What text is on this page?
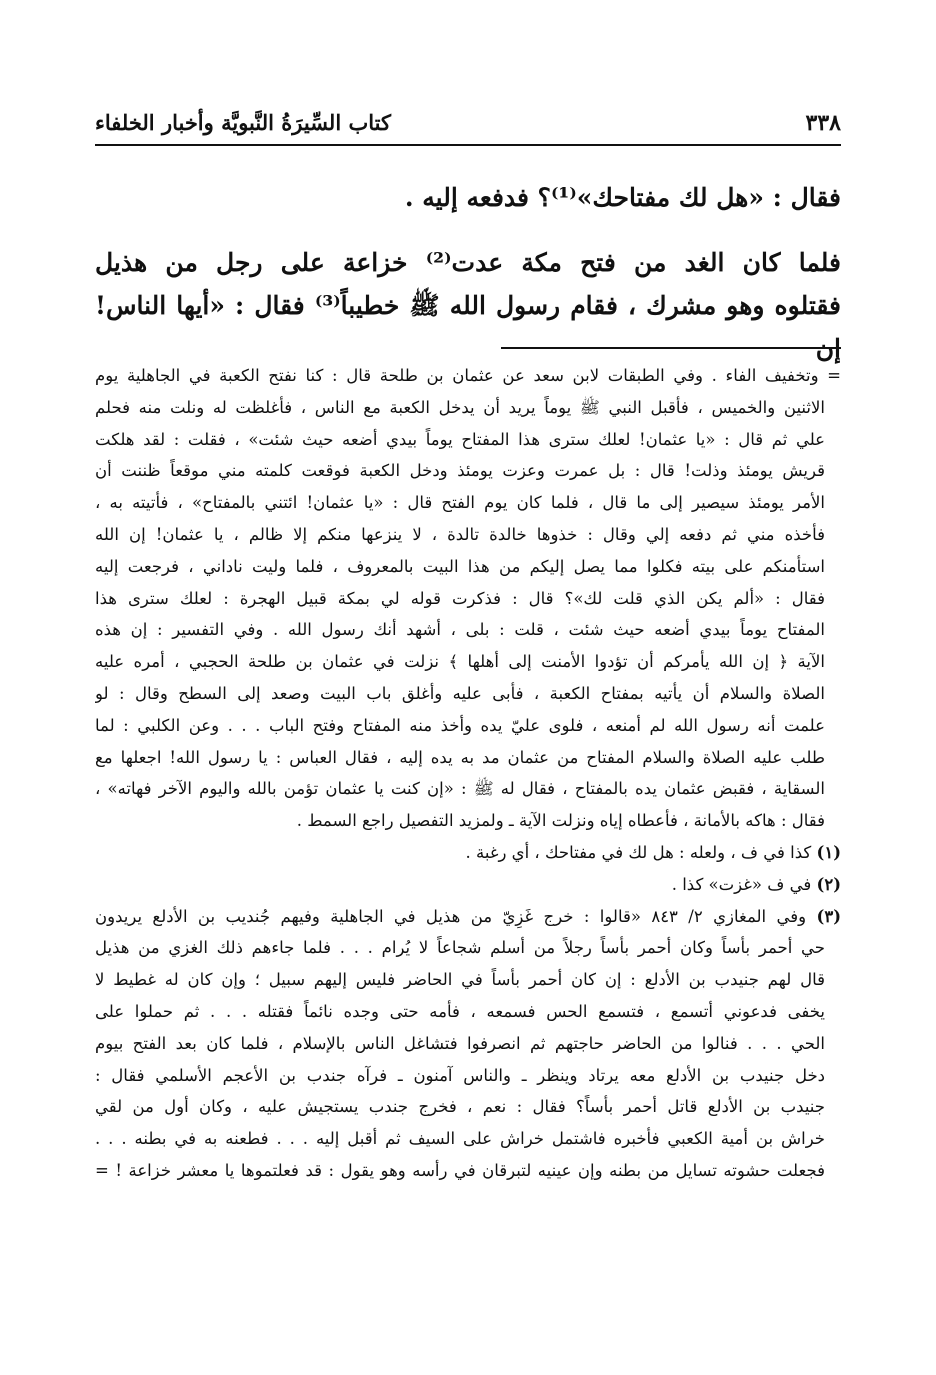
٣٣٨
كتاب السِّيرَةُ النَّبويَّة وأخبار الخلفاء
فقال : «هل لك مفتاحك»⁽¹⁾؟ فدفعه إليه .
فلما كان الغد من فتح مكة عدت⁽²⁾ خزاعة على رجل من هذيل
فقتلوه وهو مشرك ، فقام رسول الله ﷺ خطيباً⁽³⁾ فقال : «أيها الناس! إن
= وتخفيف الفاء . وفي الطبقات لابن سعد عن عثمان بن طلحة قال : كنا نفتح الكعبة في الجاهلية يوم
الاثنين والخميس ، فأقبل النبي ﷺ يوماً يريد أن يدخل الكعبة مع الناس ، فأغلظت له ونلت منه فحلم
علي ثم قال : «يا عثمان! لعلك سترى هذا المفتاح يوماً بيدي أضعه حيث شئت» ، فقلت : لقد هلكت
قريش يومئذ وذلت! قال : بل عمرت وعزت يومئذ ودخل الكعبة فوقعت كلمته مني موقعاً ظننت أن
الأمر يومئذ سيصير إلى ما قال ، فلما كان يوم الفتح قال : «يا عثمان! ائتني بالمفتاح» ، فأتيته به ،
فأخذه مني ثم دفعه إلي وقال : خذوها خالدة تالدة ، لا ينزعها منكم إلا ظالم ، يا عثمان! إن الله
استأمنكم على بيته فكلوا مما يصل إليكم من هذا البيت بالمعروف ، فلما وليت ناداني ، فرجعت إليه
فقال : «ألم يكن الذي قلت لك»؟ قال : فذكرت قوله لي بمكة قبيل الهجرة : لعلك سترى هذا
المفتاح يوماً بيدي أضعه حيث شئت ، قلت : بلى ، أشهد أنك رسول الله . وفي التفسير : إن هذه
الآية ﴿ إن الله يأمركم أن تؤدوا الأمنت إلى أهلها ﴾ نزلت في عثمان بن طلحة الحجبي ، أمره عليه
الصلاة والسلام أن يأتيه بمفتاح الكعبة ، فأبى عليه وأغلق باب البيت وصعد إلى السطح وقال : لو
علمت أنه رسول الله لم أمنعه ، فلوى عليّ يده وأخذ منه المفتاح وفتح الباب . . . وعن الكلبي : لما
طلب عليه الصلاة والسلام المفتاح من عثمان مد به يده إليه ، فقال العباس : يا رسول الله! اجعلها مع
السقاية ، فقبض عثمان يده بالمفتاح ، فقال له ﷺ : «إن كنت يا عثمان تؤمن بالله واليوم الآخر فهاته» ،
فقال : هاكه بالأمانة ، فأعطاه إياه ونزلت الآية ـ ولمزيد التفصيل راجع السمط .
(١) كذا في ف ، ولعله : هل لك في مفتاحك ، أي رغبة .
(٢) في ف «غزت» كذا .
(٣) وفي المغازي ٢/ ٨٤٣ «قالوا : خرج غَزِيّ من هذيل في الجاهلية وفيهم جُنديب بن الأدلع يريدون
حي أحمر بأساً وكان أحمر بأساً رجلاً من أسلم شجاعاً لا يُرام . . . فلما جاءهم ذلك الغزي من هذيل
قال لهم جنيدب بن الأدلع : إن كان أحمر بأساً في الحاضر فليس إليهم سبيل ؛ وإن كان له غطيط لا
يخفى فدعوني أتسمع ، فتسمع الحس فسمعه ، فأمه حتى وجده نائماً فقتله . . . ثم حملوا على
الحي . . . فنالوا من الحاضر حاجتهم ثم انصرفوا فتشاغل الناس بالإسلام ، فلما كان بعد الفتح بيوم
دخل جنيدب بن الأدلع معه يرتاد وينظر ـ والناس آمنون ـ فرآه جندب بن الأعجم الأسلمي فقال :
جنيدب بن الأدلع قاتل أحمر بأساً؟ فقال : نعم ، فخرج جندب يستجيش عليه ، وكان أول من لقي
خراش بن أمية الكعبي فأخبره فاشتمل خراش على السيف ثم أقبل إليه . . . فطعنه به في بطنه . . .
فجعلت حشوته تسايل من بطنه وإن عينيه لتبرقان في رأسه وهو يقول : قد فعلتموها يا معشر خزاعة ! =
